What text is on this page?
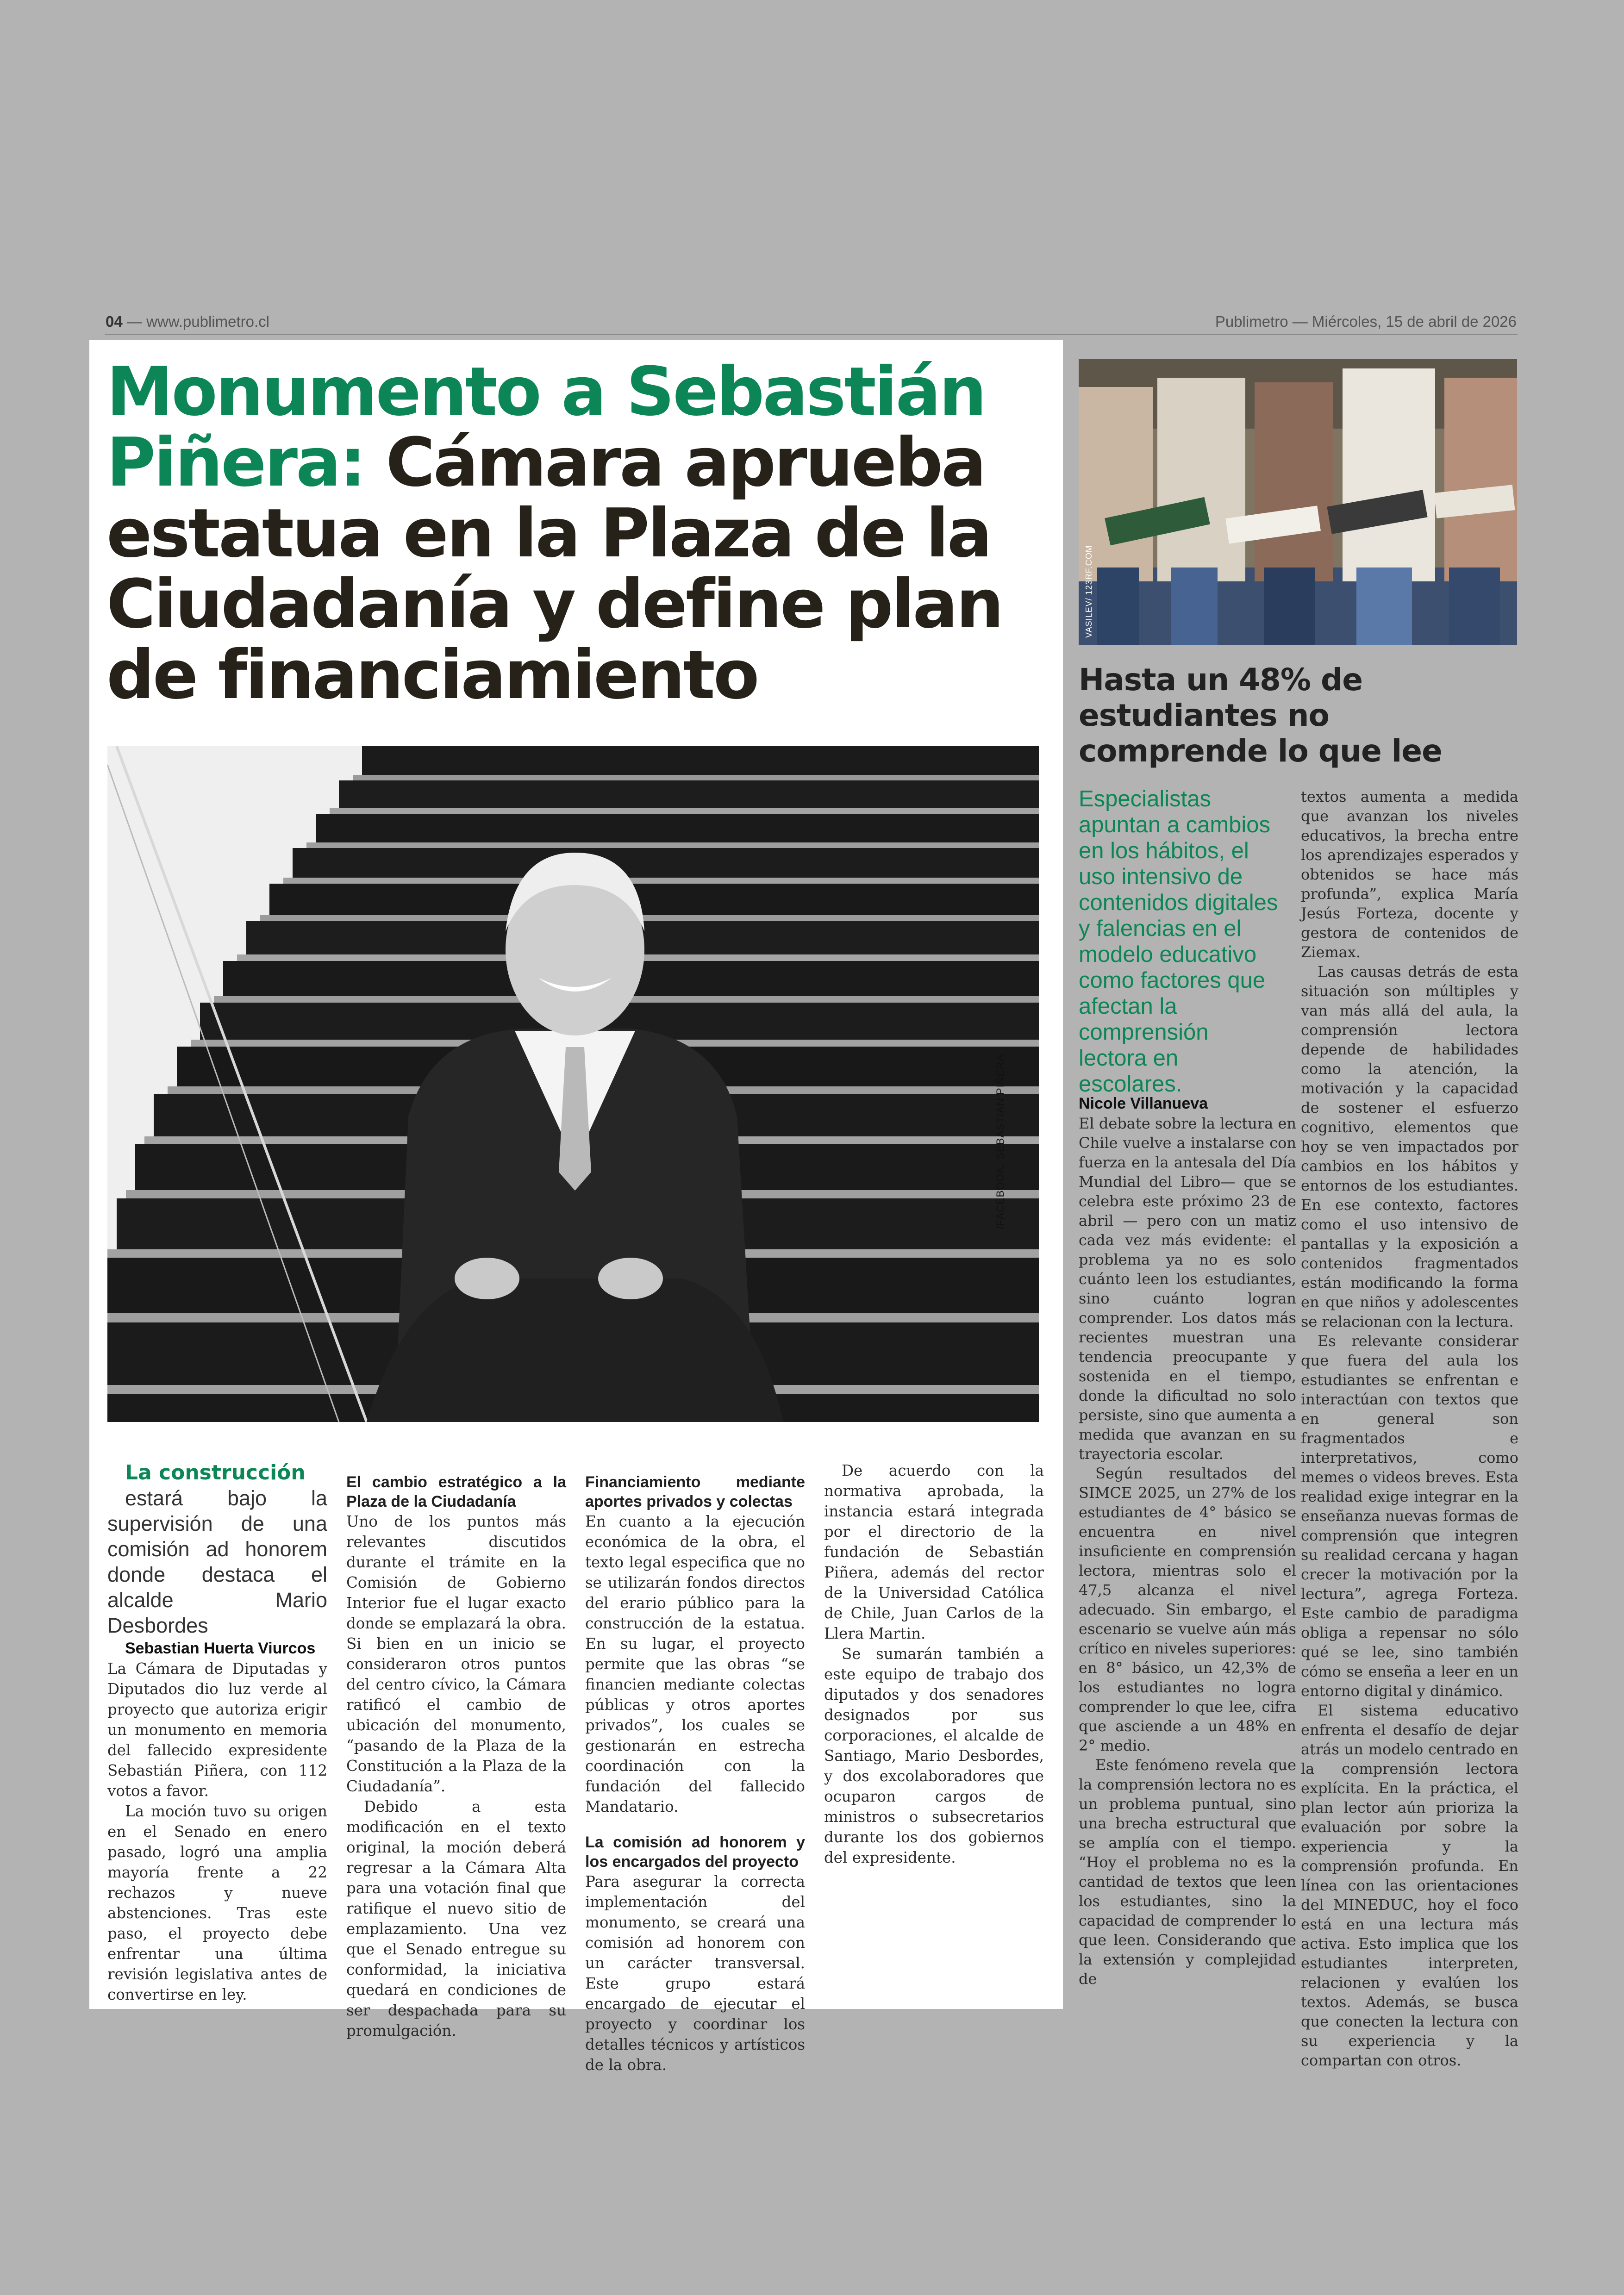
04 — www.publimetro.cl	Publimetro — Miércoles, 15 de abril de 2026
Monumento a Sebastián Piñera: Cámara aprueba estatua en la Plaza de la Ciudadanía y define plan de financiamiento
/FACEBOOK: SEBASTIÁN PIÑERA

La construcción

estará bajo la supervisión de una comisión ad honorem donde destaca el alcalde Mario Desbordes

Sebastian Huerta Viurcos

La Cámara de Diputadas y Diputados dio luz verde al proyecto que autoriza erigir un monumento en memoria del fallecido expresidente Sebastián Piñera, con 112 votos a favor.

La moción tuvo su origen en el Senado en enero pasado, logró una amplia mayoría frente a 22 rechazos y nueve abstenciones. Tras este paso, el proyecto debe enfrentar una última revisión legislativa antes de convertirse en ley.

El cambio estratégico a la Plaza de la Ciudadanía

Uno de los puntos más relevantes discutidos durante el trámite en la Comisión de Gobierno Interior fue el lugar exacto donde se emplazará la obra. Si bien en un inicio se consideraron otros puntos del centro cívico, la Cámara ratificó el cambio de ubicación del monumento, “pasando de la Plaza de la Constitución a la Plaza de la Ciudadanía”.

Debido a esta modificación en el texto original, la moción deberá regresar a la Cámara Alta para una votación final que ratifique el nuevo sitio de emplazamiento. Una vez que el Senado entregue su conformidad, la iniciativa quedará en condiciones de ser despachada para su promulgación.

Financiamiento mediante aportes privados y colectas

En cuanto a la ejecución económica de la obra, el texto legal especifica que no se utilizarán fondos directos del erario público para la construcción de la estatua. En su lugar, el proyecto permite que las obras “se financien mediante colectas públicas y otros aportes privados”, los cuales se gestionarán en estrecha coordinación con la fundación del fallecido Mandatario.

La comisión ad honorem y los encargados del proyecto

Para asegurar la correcta implementación del monumento, se creará una comisión ad honorem con un carácter transversal. Este grupo estará encargado de ejecutar el proyecto y coordinar los detalles técnicos y artísticos de la obra.

De acuerdo con la normativa aprobada, la instancia estará integrada por el directorio de la fundación de Sebastián Piñera, además del rector de la Universidad Católica de Chile, Juan Carlos de la Llera Martin.

Se sumarán también a este equipo de trabajo dos diputados y dos senadores designados por sus corporaciones, el alcalde de Santiago, Mario Desbordes, y dos excolaboradores que ocuparon cargos de ministros o subsecretarios durante los dos gobiernos del expresidente.

VASILEV/ 123RF.COM
Hasta un 48% de estudiantes no comprende lo que lee

Especialistas apuntan a cambios en los hábitos, el uso intensivo de contenidos digitales y falencias en el modelo educativo como factores que afectan la comprensión lectora en escolares.

Nicole Villanueva

El debate sobre la lectura en Chile vuelve a instalarse con fuerza en la antesala del Día Mundial del Libro— que se celebra este próximo 23 de abril — pero con un matiz cada vez más evidente: el problema ya no es solo cuánto leen los estudiantes, sino cuánto logran comprender. Los datos más recientes muestran una tendencia preocupante y sostenida en el tiempo, donde la dificultad no solo persiste, sino que aumenta a medida que avanzan en su trayectoria escolar.

Según resultados del SIMCE 2025, un 27% de los estudiantes de 4° básico se encuentra en nivel insuficiente en comprensión lectora, mientras solo el 47,5 alcanza el nivel adecuado. Sin embargo, el escenario se vuelve aún más crítico en niveles superiores: en 8° básico, un 42,3% de los estudiantes no logra comprender lo que lee, cifra que asciende a un 48% en 2° medio.

Este fenómeno revela que la comprensión lectora no es un problema puntual, sino una brecha estructural que se amplía con el tiempo. “Hoy el problema no es la cantidad de textos que leen los estudiantes, sino la capacidad de comprender lo que leen. Considerando que la extensión y complejidad de

textos aumenta a medida que avanzan los niveles educativos, la brecha entre los aprendizajes esperados y obtenidos se hace más profunda”, explica María Jesús Forteza, docente y gestora de contenidos de Ziemax.

Las causas detrás de esta situación son múltiples y van más allá del aula, la comprensión lectora depende de habilidades como la atención, la motivación y la capacidad de sostener el esfuerzo cognitivo, elementos que hoy se ven impactados por cambios en los hábitos y entornos de los estudiantes. En ese contexto, factores como el uso intensivo de pantallas y la exposición a contenidos fragmentados están modificando la forma en que niños y adolescentes se relacionan con la lectura.

Es relevante considerar que fuera del aula los estudiantes se enfrentan e interactúan con textos que en general son fragmentados e interpretativos, como memes o videos breves. Esta realidad exige integrar en la enseñanza nuevas formas de comprensión que integren su realidad cercana y hagan crecer la motivación por la lectura”, agrega Forteza. Este cambio de paradigma obliga a repensar no sólo qué se lee, sino también cómo se enseña a leer en un entorno digital y dinámico.

El sistema educativo enfrenta el desafío de dejar atrás un modelo centrado en la comprensión lectora explícita. En la práctica, el plan lector aún prioriza la evaluación por sobre la experiencia y la comprensión profunda. En línea con las orientaciones del MINEDUC, hoy el foco está en una lectura más activa. Esto implica que los estudiantes interpreten, relacionen y evalúen los textos. Además, se busca que conecten la lectura con su experiencia y la compartan con otros.
